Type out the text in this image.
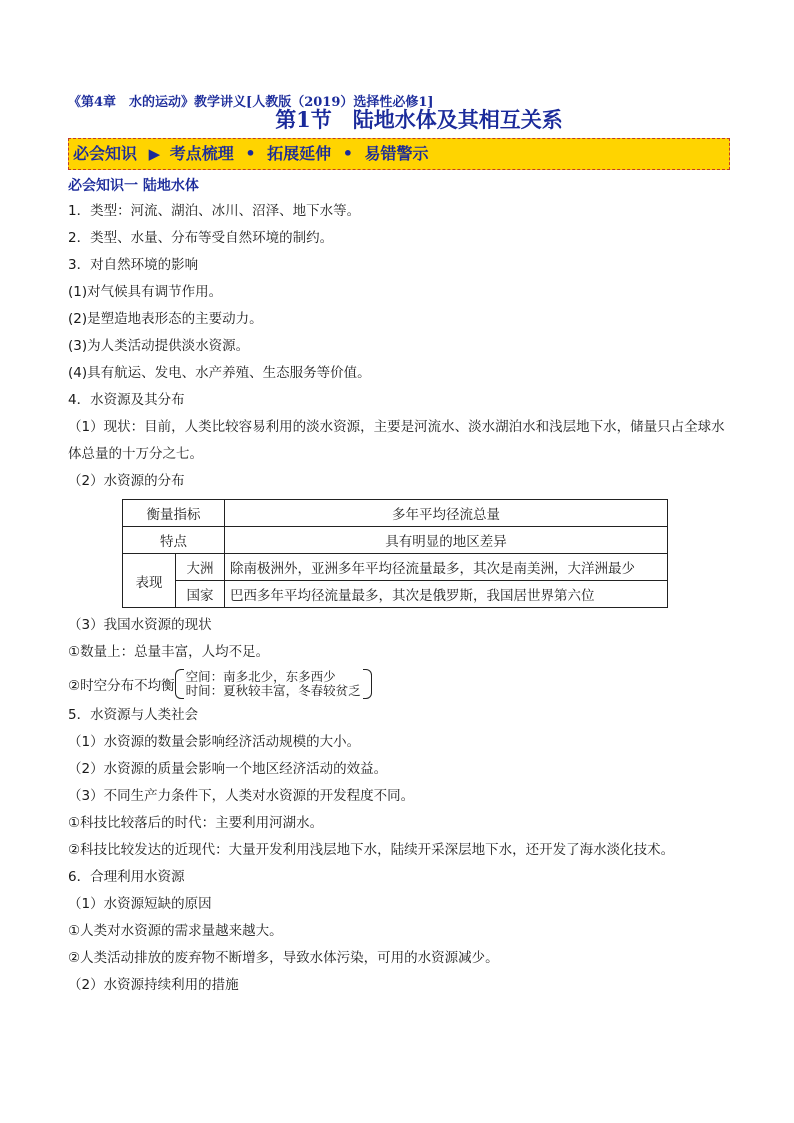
《第4章　水的运动》教学讲义[人教版（2019）选择性必修1]
第1节　陆地水体及其相互关系
必会知识 ▶ 考点梳理 • 拓展延伸 • 易错警示
必会知识一 陆地水体
1．类型：河流、湖泊、冰川、沼泽、地下水等。
2．类型、水量、分布等受自然环境的制约。
3．对自然环境的影响
(1)对气候具有调节作用。
(2)是塑造地表形态的主要动力。
(3)为人类活动提供淡水资源。
(4)具有航运、发电、水产养殖、生态服务等价值。
4．水资源及其分布
（1）现状：目前，人类比较容易利用的淡水资源，主要是河流水、淡水湖泊水和浅层地下水，储量只占全球水体总量的十万分之七。
（2）水资源的分布
衡量指标		多年平均径流总量
特点		具有明显的地区差异
表现	大洲	除南极洲外，亚洲多年平均径流量最多，其次是南美洲，大洋洲最少
	国家	巴西多年平均径流量最多，其次是俄罗斯，我国居世界第六位
（3）我国水资源的现状
①数量上：总量丰富，人均不足。
②时空分布不均衡
空间：南多北少，东多西少
时间：夏秋较丰富，冬春较贫乏
5．水资源与人类社会
（1）水资源的数量会影响经济活动规模的大小。
（2）水资源的质量会影响一个地区经济活动的效益。
（3）不同生产力条件下，人类对水资源的开发程度不同。
①科技比较落后的时代：主要利用河湖水。
②科技比较发达的近现代：大量开发利用浅层地下水，陆续开采深层地下水，还开发了海水淡化技术。
6．合理利用水资源
（1）水资源短缺的原因
①人类对水资源的需求量越来越大。
②人类活动排放的废弃物不断增多，导致水体污染，可用的水资源减少。
（2）水资源持续利用的措施
